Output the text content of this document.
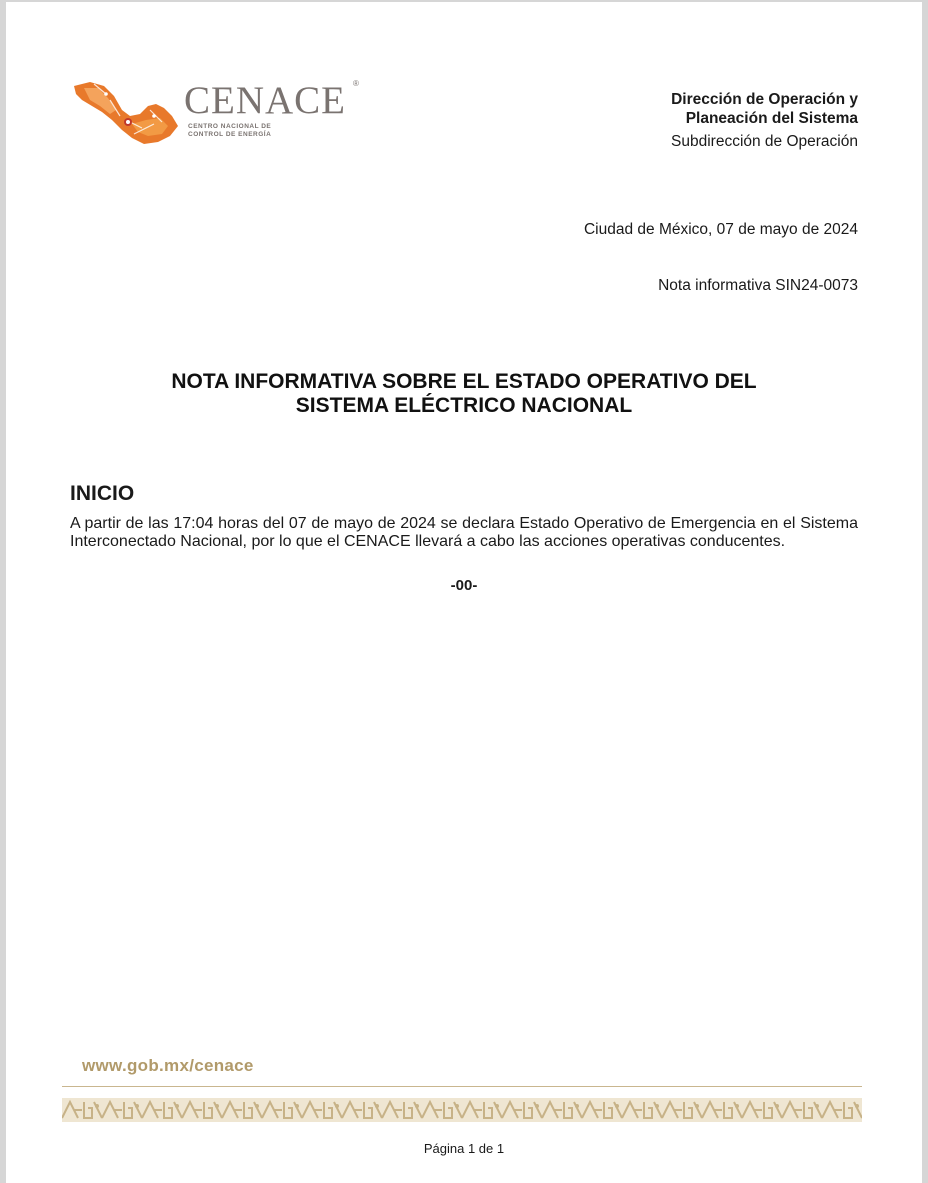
CENACE ®
CENTRO NACIONAL DE
CONTROL DE ENERGÍA
Dirección de Operación y
Planeación del Sistema
Subdirección de Operación
Ciudad de México, 07 de mayo de 2024
Nota informativa SIN24-0073
NOTA INFORMATIVA SOBRE EL ESTADO OPERATIVO DEL
SISTEMA ELÉCTRICO NACIONAL
INICIO
A partir de las 17:04 horas del 07 de mayo de 2024 se declara Estado Operativo de Emergencia en el Sistema Interconectado Nacional, por lo que el CENACE llevará a cabo las acciones operativas conducentes.
-00-
www.gob.mx/cenace
Página 1 de 1
